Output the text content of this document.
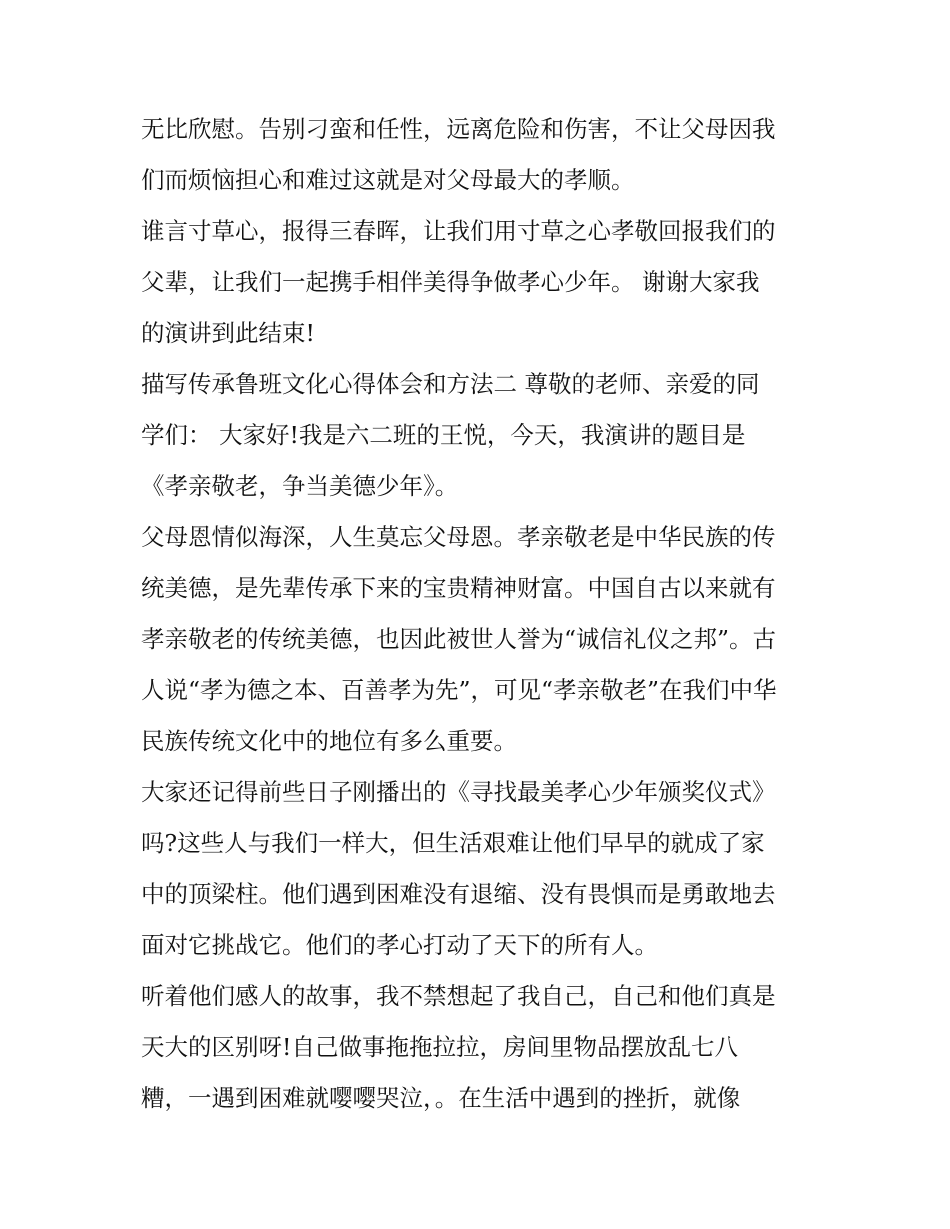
无比欣慰。告别刁蛮和任性，远离危险和伤害，不让父母因我
们而烦恼担心和难过这就是对父母最大的孝顺。
谁言寸草心，报得三春晖，让我们用寸草之心孝敬回报我们的
父辈，让我们一起携手相伴美得争做孝心少年。 谢谢大家我
的演讲到此结束!
描写传承鲁班文化心得体会和方法二 尊敬的老师、亲爱的同
学们： 大家好!我是六二班的王悦，今天，我演讲的题目是
《孝亲敬老，争当美德少年》。
父母恩情似海深，人生莫忘父母恩。孝亲敬老是中华民族的传
统美德，是先辈传承下来的宝贵精神财富。中国自古以来就有
孝亲敬老的传统美德，也因此被世人誉为“诚信礼仪之邦”。古
人说“孝为德之本、百善孝为先”，可见“孝亲敬老”在我们中华
民族传统文化中的地位有多么重要。
大家还记得前些日子刚播出的《寻找最美孝心少年颁奖仪式》
吗?这些人与我们一样大，但生活艰难让他们早早的就成了家
中的顶梁柱。他们遇到困难没有退缩、没有畏惧而是勇敢地去
面对它挑战它。他们的孝心打动了天下的所有人。
听着他们感人的故事，我不禁想起了我自己，自己和他们真是
天大的区别呀!自己做事拖拖拉拉，房间里物品摆放乱七八
糟，一遇到困难就嘤嘤哭泣，。在生活中遇到的挫折，就像
